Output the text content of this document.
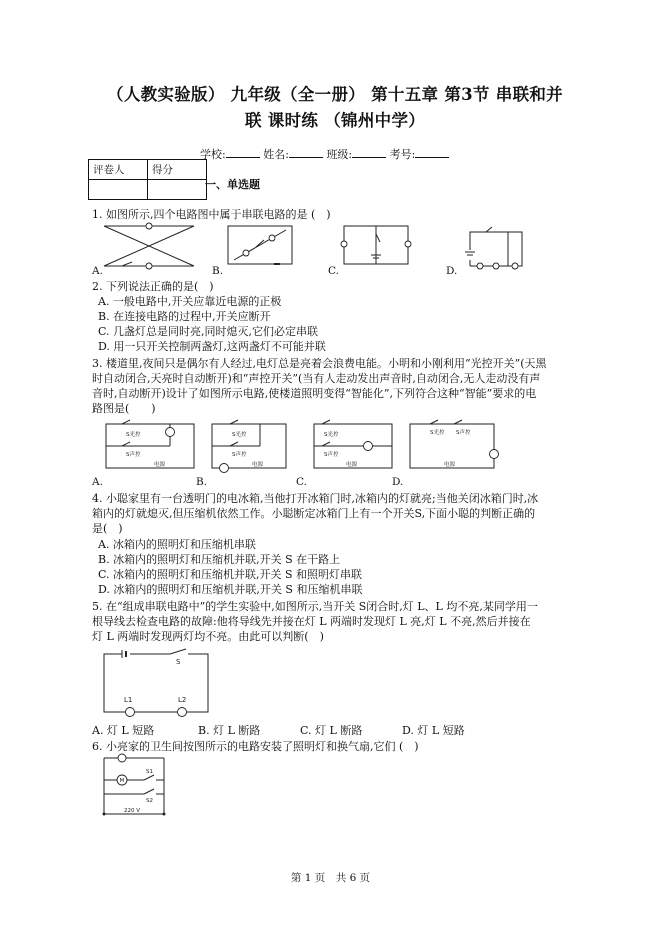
（人教实验版） 九年级（全一册） 第十五章 第3节 串联和并
联 课时练 （锦州中学）
学校:	姓名:	班级:	考号:
评卷人	得分

一、单选题
1. 如图所示,四个电路图中属于串联电路的是 (　)
A.	B.	C.	D.
2. 下列说法正确的是(　)
A. 一般电路中,开关应靠近电源的正极
B. 在连接电路的过程中,开关应断开
C. 几盏灯总是同时亮,同时熄灭,它们必定串联
D. 用一只开关控制两盏灯,这两盏灯不可能并联
3. 楼道里,夜间只是偶尔有人经过,电灯总是亮着会浪费电能。小明和小刚利用“光控开关”(天黑
时自动闭合,天亮时自动断开)和“声控开关”(当有人走动发出声音时,自动闭合,无人走动没有声
音时,自动断开)设计了如图所示电路,使楼道照明变得“智能化”,下列符合这种“智能”要求的电
路图是(　　)
S光控
S声控
电源
A.
S光控
S声控
电源
B.
S光控
S声控
电源
C.
S光控 S声控
电源
D.
4. 小聪家里有一台透明门的电冰箱,当他打开冰箱门时,冰箱内的灯就亮;当他关闭冰箱门时,冰
箱内的灯就熄灭,但压缩机依然工作。小聪断定冰箱门上有一个开关S,下面小聪的判断正确的
是(　)
A. 冰箱内的照明灯和压缩机串联
B. 冰箱内的照明灯和压缩机并联,开关 S 在干路上
C. 冰箱内的照明灯和压缩机并联,开关 S 和照明灯串联
D. 冰箱内的照明灯和压缩机并联,开关 S 和压缩机串联
5. 在“组成串联电路中”的学生实验中,如图所示,当开关 S闭合时,灯 L、L 均不亮,某同学用一
根导线去检查电路的故障:他将导线先并接在灯 L 两端时发现灯 L 亮,灯 L 不亮,然后并接在
灯 L 两端时发现两灯均不亮。由此可以判断(　)
S
L1	L2
A. 灯 L 短路	B. 灯 L 断路	C. 灯 L 断路	D. 灯 L 短路
6. 小亮家的卫生间按图所示的电路安装了照明灯和换气扇,它们 (　)
M
S1
S2
220 V
第 1 页　共 6 页
